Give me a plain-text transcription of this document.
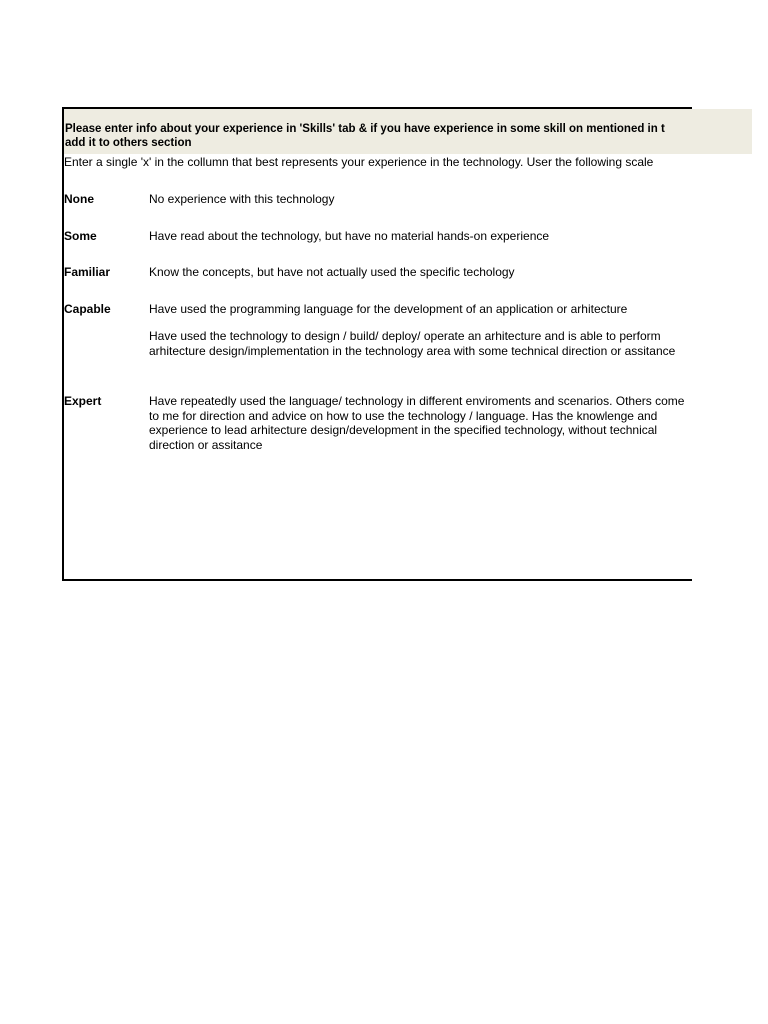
Please enter info about your experience in 'Skills' tab & if you have experience in some skill on mentioned in t
add it to others section
Enter a single 'x' in the collumn that best represents your experience in the technology. User the following scale
None	No experience with this technology
Some	Have read about the technology, but have no material hands-on experience
Familiar	Know the concepts, but have not actually used the specific techology
Capable	Have used the programming language for the development of an application or arhitecture
Have used the technology to design / build/ deploy/ operate an arhitecture and is able to perform arhitecture design/implementation in the technology area with some technical direction or assitance
Expert	Have repeatedly used the language/ technology in different enviroments and scenarios. Others come to me for direction and advice on how to use the technology / language. Has the knowlenge and experience to lead arhitecture design/development in the specified technology, without technical direction or assitance
